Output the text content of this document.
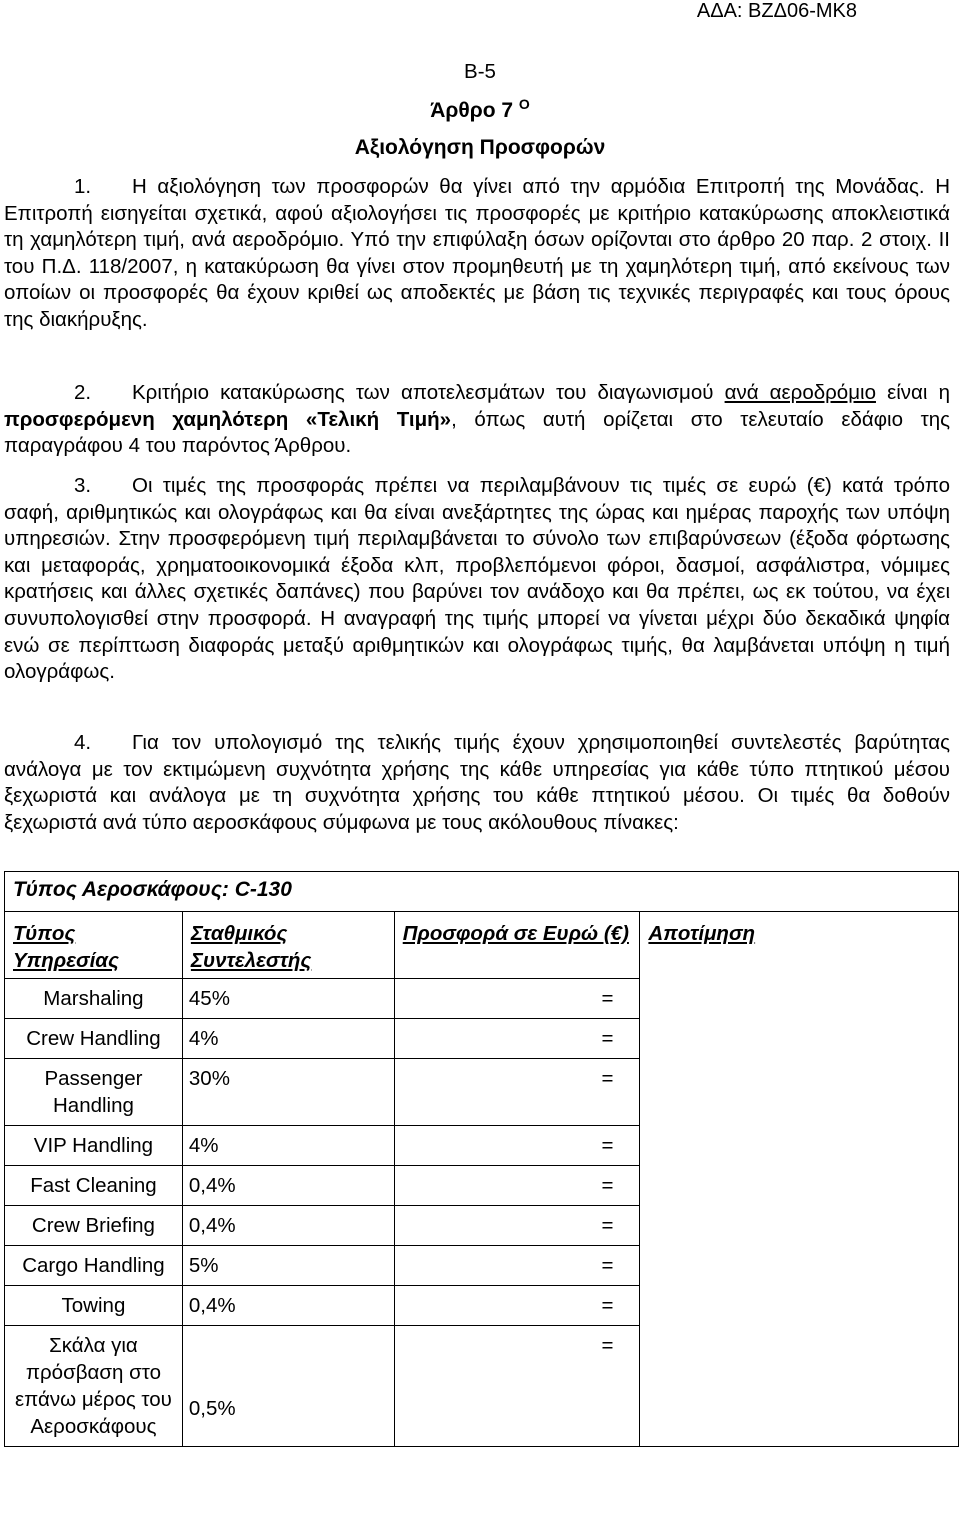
ΑΔΑ: ΒΖΔ06-ΜΚ8
Β-5
Άρθρο 7 $^O$
Αξιολόγηση Προσφορών
1. Η αξιολόγηση των προσφορών θα γίνει από την αρμόδια Επιτροπή της Μονάδας. Η Επιτροπή εισηγείται σχετικά, αφού αξιολογήσει τις προσφορές με κριτήριο κατακύρωσης αποκλειστικά τη χαμηλότερη τιμή, ανά αεροδρόμιο. Υπό την επιφύλαξη όσων ορίζονται στο άρθρο 20 παρ. 2 στοιχ. ΙΙ του Π.Δ. 118/2007, η κατακύρωση θα γίνει στον προμηθευτή με τη χαμηλότερη τιμή, από εκείνους των οποίων οι προσφορές θα έχουν κριθεί ως αποδεκτές με βάση τις τεχνικές περιγραφές και τους όρους της διακήρυξης.
2. Κριτήριο κατακύρωσης των αποτελεσμάτων του διαγωνισμού ανά αεροδρόμιο είναι η προσφερόμενη χαμηλότερη «Τελική Τιμή», όπως αυτή ορίζεται στο τελευταίο εδάφιο της παραγράφου 4 του παρόντος Άρθρου.
3. Οι τιμές της προσφοράς πρέπει να περιλαμβάνουν τις τιμές σε ευρώ (€) κατά τρόπο σαφή, αριθμητικώς και ολογράφως και θα είναι ανεξάρτητες της ώρας και ημέρας παροχής των υπόψη υπηρεσιών. Στην προσφερόμενη τιμή περιλαμβάνεται το σύνολο των επιβαρύνσεων (έξοδα φόρτωσης και μεταφοράς, χρηματοοικονομικά έξοδα κλπ, προβλεπόμενοι φόροι, δασμοί, ασφάλιστρα, νόμιμες κρατήσεις και άλλες σχετικές δαπάνες) που βαρύνει τον ανάδοχο και θα πρέπει, ως εκ τούτου, να έχει συνυπολογισθεί στην προσφορά. Η αναγραφή της τιμής μπορεί να γίνεται μέχρι δύο δεκαδικά ψηφία ενώ σε περίπτωση διαφοράς μεταξύ αριθμητικών και ολογράφως τιμής, θα λαμβάνεται υπόψη η τιμή ολογράφως.
4. Για τον υπολογισμό της τελικής τιμής έχουν χρησιμοποιηθεί συντελεστές βαρύτητας ανάλογα με τον εκτιμώμενη συχνότητα χρήσης της κάθε υπηρεσίας για κάθε τύπο πτητικού μέσου ξεχωριστά και ανάλογα με τη συχνότητα χρήσης του κάθε πτητικού μέσου. Οι τιμές θα δοθούν ξεχωριστά ανά τύπο αεροσκάφους σύμφωνα με τους ακόλουθους πίνακες:
Τύπος Αεροσκάφους: C-130			
Τύπος Υπηρεσίας	Σταθμικός Συντελεστής	Προσφορά σε Ευρώ (€)	Αποτίμηση
Marshaling	45%	=	
Crew Handling	4%	=	
Passenger Handling	30%	=	
VIP Handling	4%	=	
Fast Cleaning	0,4%	=	
Crew Briefing	0,4%	=	
Cargo Handling	5%	=	
Towing	0,4%	=	
Σκάλα για πρόσβαση στο επάνω μέρος του Αεροσκάφους	0,5%	=	
